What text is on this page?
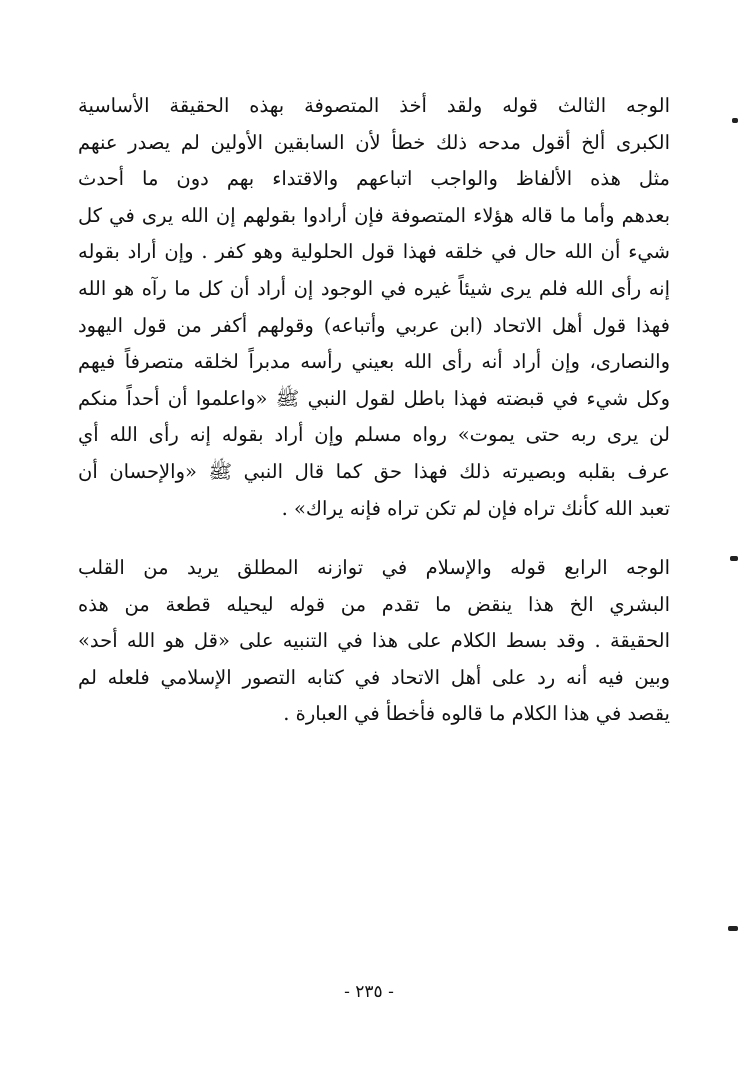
الوجه الثالث قوله ولقد أخذ المتصوفة بهذه الحقيقة الأساسية
الكبرى ألخ أقول مدحه ذلك خطأ لأن السابقين الأولين لم يصدر عنهم
مثل هذه الألفاظ والواجب اتباعهم والاقتداء بهم دون ما أحدث
بعدهم وأما ما قاله هؤلاء المتصوفة فإن أرادوا بقولهم إن الله يرى في كل
شيء أن الله حال في خلقه فهذا قول الحلولية وهو كفر . وإن أراد بقوله
إنه رأى الله فلم يرى شيئاً غيره في الوجود إن أراد أن كل ما رآه هو الله
فهذا قول أهل الاتحاد (ابن عربي وأتباعه) وقولهم أكفر من قول اليهود
والنصارى، وإن أراد أنه رأى الله بعيني رأسه مدبراً لخلقه متصرفاً فيهم
وكل شيء في قبضته فهذا باطل لقول النبي ﷺ «واعلموا أن أحداً منكم
لن يرى ربه حتى يموت» رواه مسلم وإن أراد بقوله إنه رأى الله أي
عرف بقلبه وبصيرته ذلك فهذا حق كما قال النبي ﷺ «والإحسان أن
تعبد الله كأنك تراه فإن لم تكن تراه فإنه يراك» .
الوجه الرابع قوله والإسلام في توازنه المطلق يريد من القلب
البشري الخ هذا ينقض ما تقدم من قوله ليحيله قطعة من هذه
الحقيقة . وقد بسط الكلام على هذا في التنبيه على «قل هو الله أحد»
وبين فيه أنه رد على أهل الاتحاد في كتابه التصور الإسلامي فلعله لم
يقصد في هذا الكلام ما قالوه فأخطأ في العبارة .
- ٢٣٥ -
